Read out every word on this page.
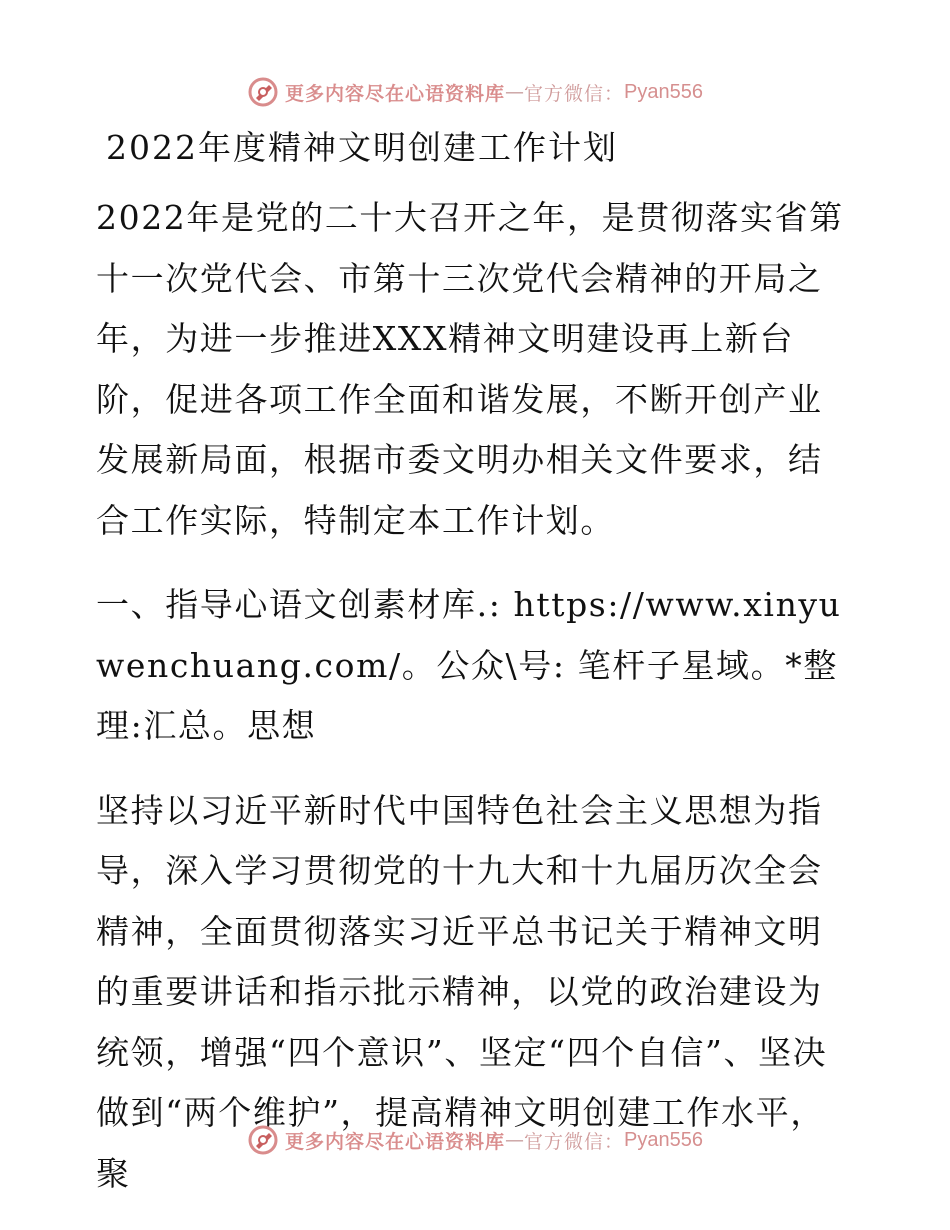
更多内容尽在心语资料库 — 官方微信： Pyan556
2022年度精神文明创建工作计划

2022年是党的二十大召开之年，是贯彻落实省第十一次党代会、市第十三次党代会精神的开局之年，为进一步推进XXX精神文明建设再上新台阶，促进各项工作全面和谐发展，不断开创产业发展新局面，根据市委文明办相关文件要求，结合工作实际，特制定本工作计划。

一、指导心语文创素材库.: https://www.xinyuwenchuang.com/。公众\号: 笔杆子星域。*整理:汇总。思想

坚持以习近平新时代中国特色社会主义思想为指导，深入学习贯彻党的十九大和十九届历次全会精神，全面贯彻落实习近平总书记关于精神文明的重要讲话和指示批示精神，以党的政治建设为统领，增强“四个意识”、坚定“四个自信”、坚决做到“两个维护”，提高精神文明创建工作水平，聚

更多内容尽在心语资料库 — 官方微信： Pyan556
